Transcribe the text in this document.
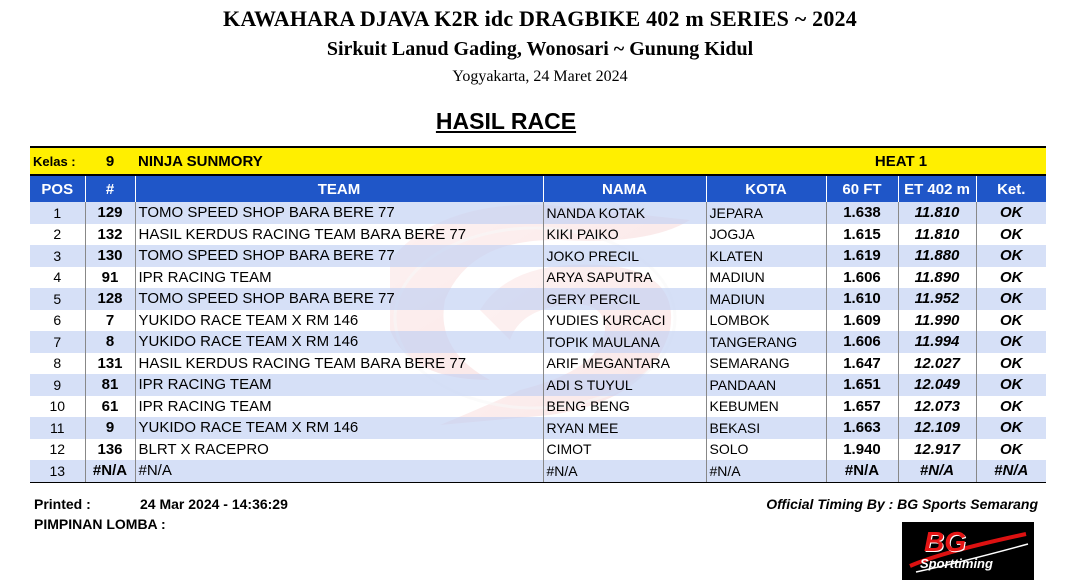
KAWAHARA DJAVA K2R idc DRAGBIKE 402 m SERIES ~ 2024
Sirkuit Lanud Gading, Wonosari ~ Gunung Kidul
Yogyakarta, 24 Maret 2024
HASIL RACE
Kelas :	9	NINJA SUNMORY			HEAT 1		
POS	#	TEAM	NAMA	KOTA	60 FT	ET 402 m	Ket.
1	129	TOMO SPEED SHOP BARA BERE 77	NANDA KOTAK	JEPARA	1.638	11.810	OK
2	132	HASIL KERDUS RACING TEAM BARA BERE 77	KIKI PAIKO	JOGJA	1.615	11.810	OK
3	130	TOMO SPEED SHOP BARA BERE 77	JOKO PRECIL	KLATEN	1.619	11.880	OK
4	91	IPR RACING TEAM	ARYA SAPUTRA	MADIUN	1.606	11.890	OK
5	128	TOMO SPEED SHOP BARA BERE 77	GERY PERCIL	MADIUN	1.610	11.952	OK
6	7	YUKIDO RACE TEAM X RM 146	YUDIES KURCACI	LOMBOK	1.609	11.990	OK
7	8	YUKIDO RACE TEAM X RM 146	TOPIK MAULANA	TANGERANG	1.606	11.994	OK
8	131	HASIL KERDUS RACING TEAM BARA BERE 77	ARIF MEGANTARA	SEMARANG	1.647	12.027	OK
9	81	IPR RACING TEAM	ADI S TUYUL	PANDAAN	1.651	12.049	OK
10	61	IPR RACING TEAM	BENG BENG	KEBUMEN	1.657	12.073	OK
11	9	YUKIDO RACE TEAM X RM 146	RYAN MEE	BEKASI	1.663	12.109	OK
12	136	BLRT X RACEPRO	CIMOT	SOLO	1.940	12.917	OK
13	#N/A	#N/A	#N/A	#N/A	#N/A	#N/A	#N/A
Printed :	24 Mar 2024 - 14:36:29	Official Timing By : BG Sports Semarang
PIMPINAN LOMBA :
BG
Sporttiming
